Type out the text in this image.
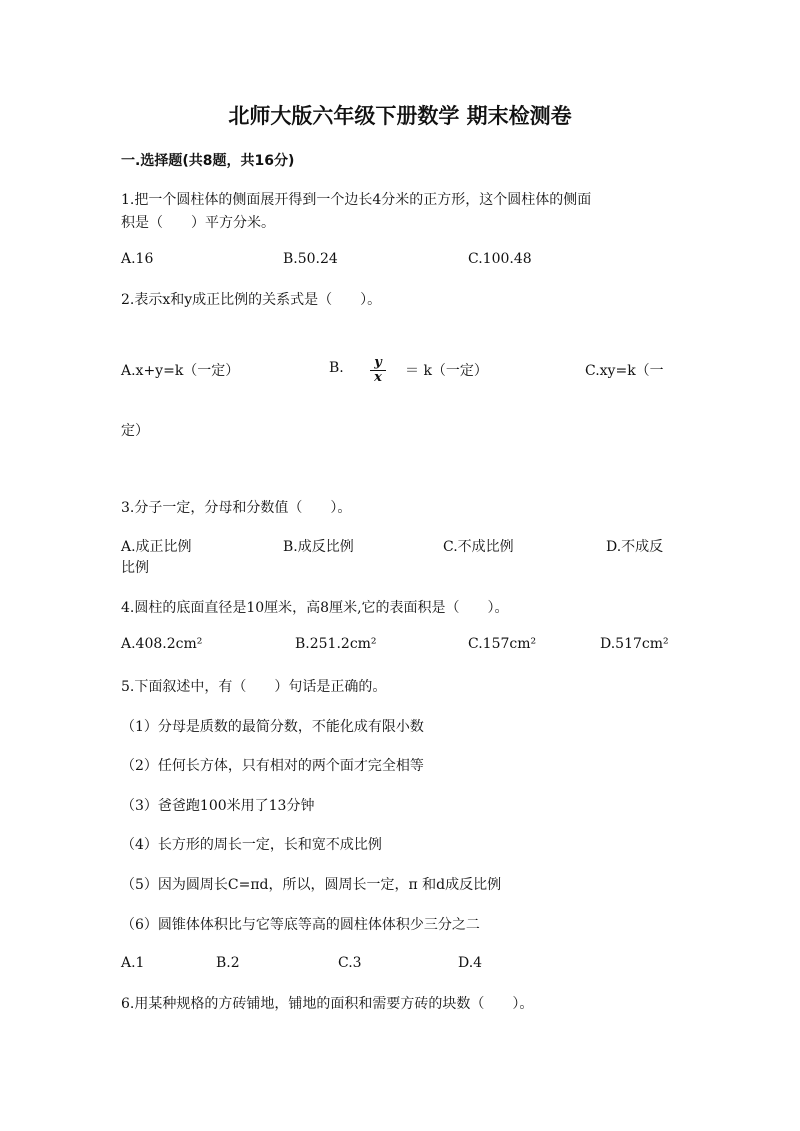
北师大版六年级下册数学 期末检测卷
一.选择题(共8题，共16分)
1.把一个圆柱体的侧面展开得到一个边长4分米的正方形，这个圆柱体的侧面
积是（　　）平方分米。
A.16	B.50.24	C.100.48
2.表示x和y成正比例的关系式是（　　）。
A.x+y=k（一定）	B.	y
x ＝ k（一定）	C.xy=k（一
定）
3.分子一定，分母和分数值（　　）。
A.成正比例	B.成反比例	C.不成比例	D.不成反
比例
4.圆柱的底面直径是10厘米，高8厘米,它的表面积是（　　）。
A.408.2cm²	B.251.2cm²	C.157cm²	D.517cm²
5.下面叙述中，有（　　）句话是正确的。
（1）分母是质数的最简分数，不能化成有限小数
（2）任何长方体，只有相对的两个面才完全相等
（3）爸爸跑100米用了13分钟
（4）长方形的周长一定，长和宽不成比例
（5）因为圆周长C=πd，所以，圆周长一定，π 和d成反比例
（6）圆锥体体积比与它等底等高的圆柱体体积少三分之二
A.1	B.2	C.3	D.4
6.用某种规格的方砖铺地，铺地的面积和需要方砖的块数（　　）。
